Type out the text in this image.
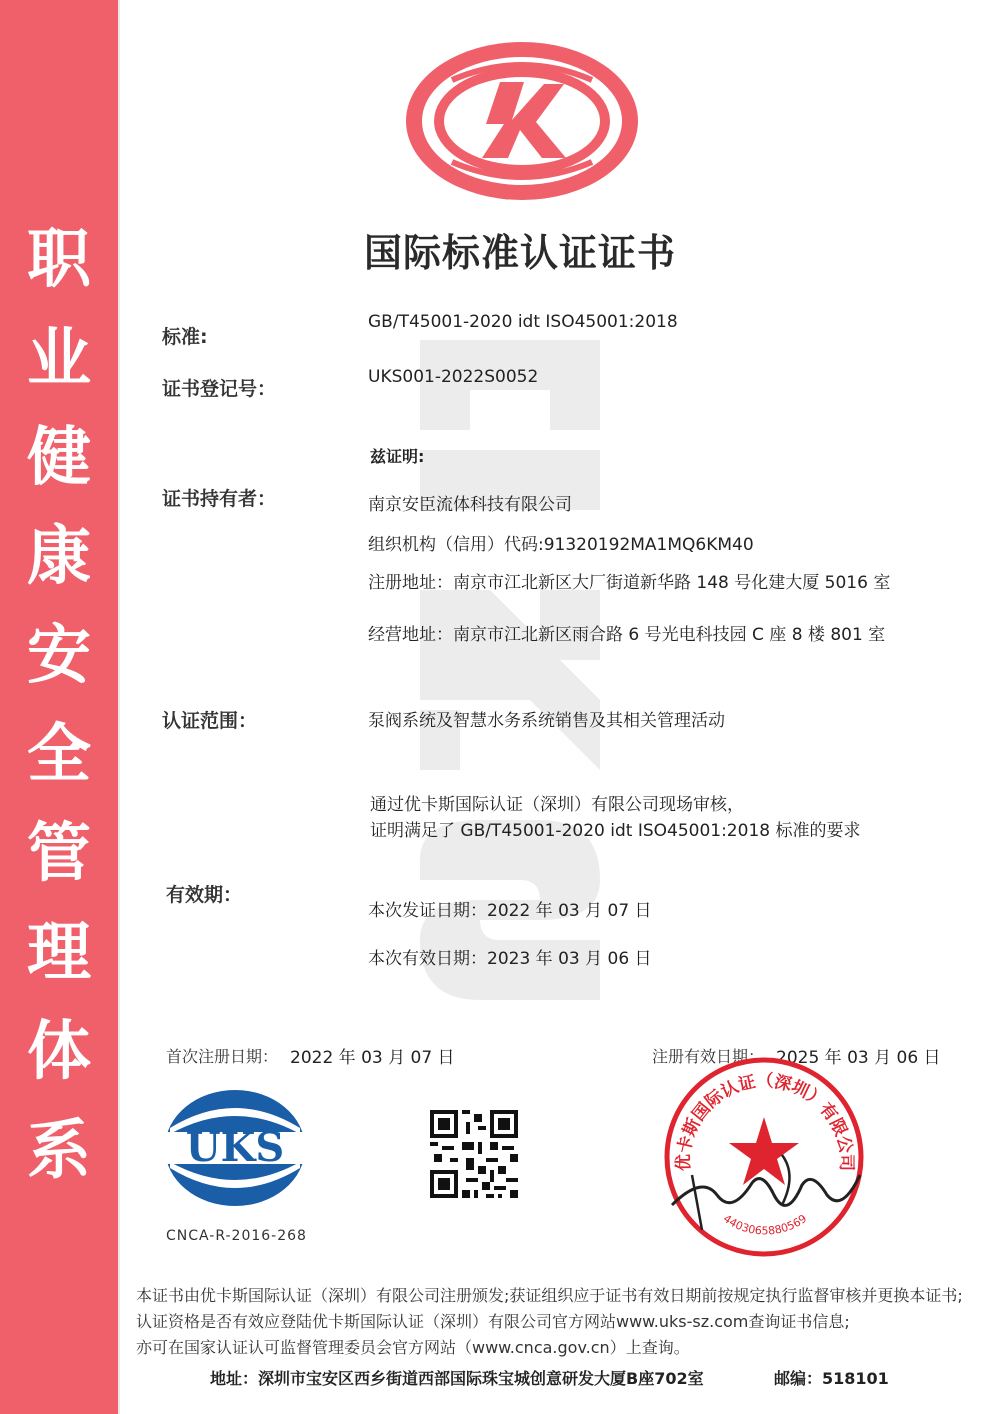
职
业
健
康
安
全
管
理
体
系
国际标准认证证书
标准:
GB/T45001-2020 idt ISO45001:2018
证书登记号：
UKS001-2022S0052
兹证明:
证书持有者：	南京安臣流体科技有限公司
组织机构（信用）代码:91320192MA1MQ6KM40
注册地址：南京市江北新区大厂街道新华路 148 号化建大厦 5016 室
经营地址：南京市江北新区雨合路 6 号光电科技园 C 座 8 楼 801 室
认证范围：	泵阀系统及智慧水务系统销售及其相关管理活动
通过优卡斯国际认证（深圳）有限公司现场审核，
证明满足了 GB/T45001-2020 idt ISO45001:2018 标准的要求
有效期：
本次发证日期：2022 年 03 月 07 日
本次有效日期：2023 年 03 月 06 日
首次注册日期： 2022 年 03 月 07 日	注册有效日期： 2025 年 03 月 06 日
UKS
CNCA-R-2016-268
优卡斯国际认证（深圳）有限公司
4403065880569
本证书由优卡斯国际认证（深圳）有限公司注册颁发;获证组织应于证书有效日期前按规定执行监督审核并更换本证书;
认证资格是否有效应登陆优卡斯国际认证（深圳）有限公司官方网站www.uks-sz.com查询证书信息;
亦可在国家认证认可监督管理委员会官方网站（www.cnca.gov.cn）上查询。
地址：深圳市宝安区西乡街道西部国际珠宝城创意研发大厦B座702室	邮编：518101
